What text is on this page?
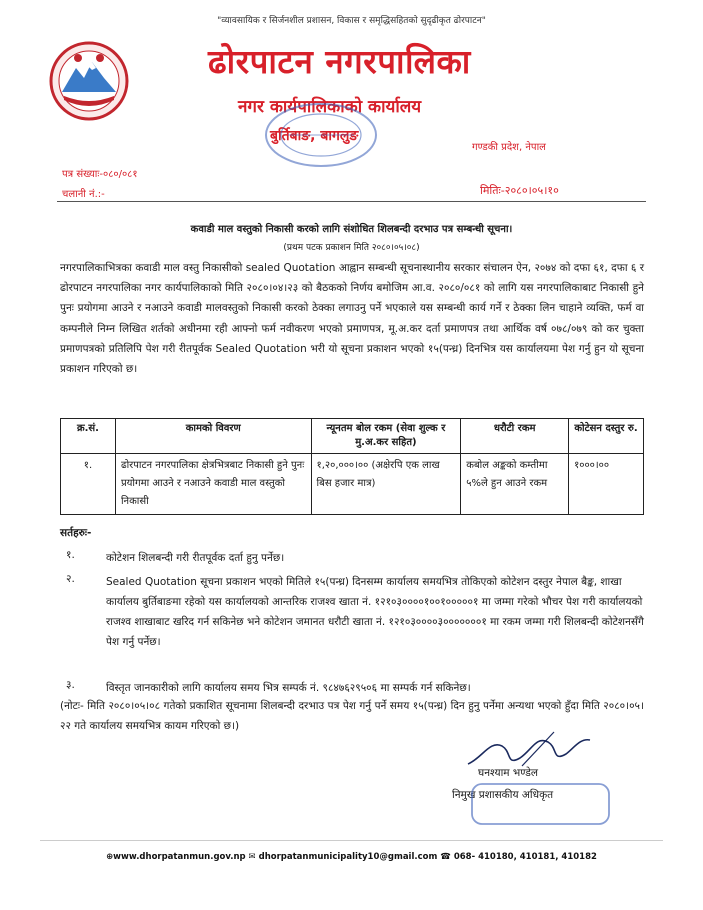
"व्यावसायिक र सिर्जनशील प्रशासन, विकास र समृद्धिसहितको सुदृढीकृत ढोरपाटन"
ढोरपाटन नगरपालिका
नगर कार्यपालिकाको कार्यालय
बुर्तिबाङ, बागलुङ
गण्डकी प्रदेश, नेपाल
पत्र संख्याः-०८०/०८१
चलानी नं.:-	मितिः-२०८०।०५।१०
कवाडी माल वस्तुको निकासी करको लागि संशोधित शिलबन्दी दरभाउ पत्र सम्बन्धी सूचना।
(प्रथम पटक प्रकाशन मिति २०८०।०५।०८)
नगरपालिकाभित्रका कवाडी माल वस्तु निकासीको sealed Quotation आह्वान सम्बन्धी सूचनास्थानीय सरकार संचालन ऐन, २०७४ को दफा ६१, दफा ६ र ढोरपाटन नगरपालिका नगर कार्यपालिकाको मिति २०८०।०४।२३ को बैठकको निर्णय बमोजिम आ.व. २०८०/०८१ को लागि यस नगरपालिकाबाट निकासी हुने पुनः प्रयोगमा आउने र नआउने कवाडी मालवस्तुको निकासी करको ठेक्का लगाउनु पर्ने भएकाले यस सम्बन्धी कार्य गर्ने र ठेक्का लिन चाहाने व्यक्ति, फर्म वा कम्पनीले निम्न लिखित शर्तको अधीनमा रही आफ्नो फर्म नवीकरण भएको प्रमाणपत्र, मू.अ.कर दर्ता प्रमाणपत्र तथा आर्थिक वर्ष ०७८/०७९ को कर चुक्ता प्रमाणपत्रको प्रतिलिपि पेश गरी रीतपूर्वक Sealed Quotation भरी यो सूचना प्रकाशन भएको १५(पन्ध्र) दिनभित्र यस कार्यालयमा पेश गर्नु हुन यो सूचना प्रकाशन गरिएको छ।
क्र.सं.	कामको विवरण	न्यूनतम बोल रकम (सेवा शुल्क र मु.अ.कर सहित)	धरौटी रकम	कोटेसन दस्तुर रु.
१.	ढोरपाटन नगरपालिका क्षेत्रभित्रबाट निकासी हुने पुनः प्रयोगमा आउने र नआउने कवाडी माल वस्तुको निकासी	१,२०,०००।०० (अक्षेरपि एक लाख बिस हजार मात्र)	कबोल अङ्कको कम्तीमा ५%ले हुन आउने रकम	१०००।००
सर्तहरुः-
१.	कोटेशन शिलबन्दी गरी रीतपूर्वक दर्ता हुनु पर्नेछ।
२.	Sealed Quotation सूचना प्रकाशन भएको मितिले १५(पन्ध्र) दिनसम्म कार्यालय समयभित्र तोकिएको कोटेशन दस्तुर नेपाल बैङ्क, शाखा कार्यालय बुर्तिबाङमा रहेको यस कार्यालयको आन्तरिक राजश्व खाता नं. १२१०३००००१००१०००००१ मा जम्मा गरेको भौचर पेश गरी कार्यालयको राजश्व शाखाबाट खरिद गर्न सकिनेछ भने कोटेशन जमानत धरौटी खाता नं. १२१०३००००३०००००००१ मा रकम जम्मा गरी शिलबन्दी कोटेशनसँगै पेश गर्नु पर्नेछ।
३.	विस्तृत जानकारीको लागि कार्यालय समय भित्र सम्पर्क नं. ९८४७६२९५०६ मा सम्पर्क गर्न सकिनेछ।
(नोटः- मिति २०८०।०५।०८ गतेको प्रकाशित सूचनामा शिलबन्दी दरभाउ पत्र पेश गर्नु पर्ने समय १५(पन्ध्र) दिन हुनु पर्नेमा अन्यथा भएको हुँदा मिति २०८०।०५।२२ गते कार्यालय समयभित्र कायम गरिएको छ।)
घनश्याम भण्डेल
निमुख प्रशासकीय अधिकृत
⊕www.dhorpatanmun.gov.np ✉ dhorpatanmunicipality10@gmail.com ☎ 068- 410180, 410181, 410182
